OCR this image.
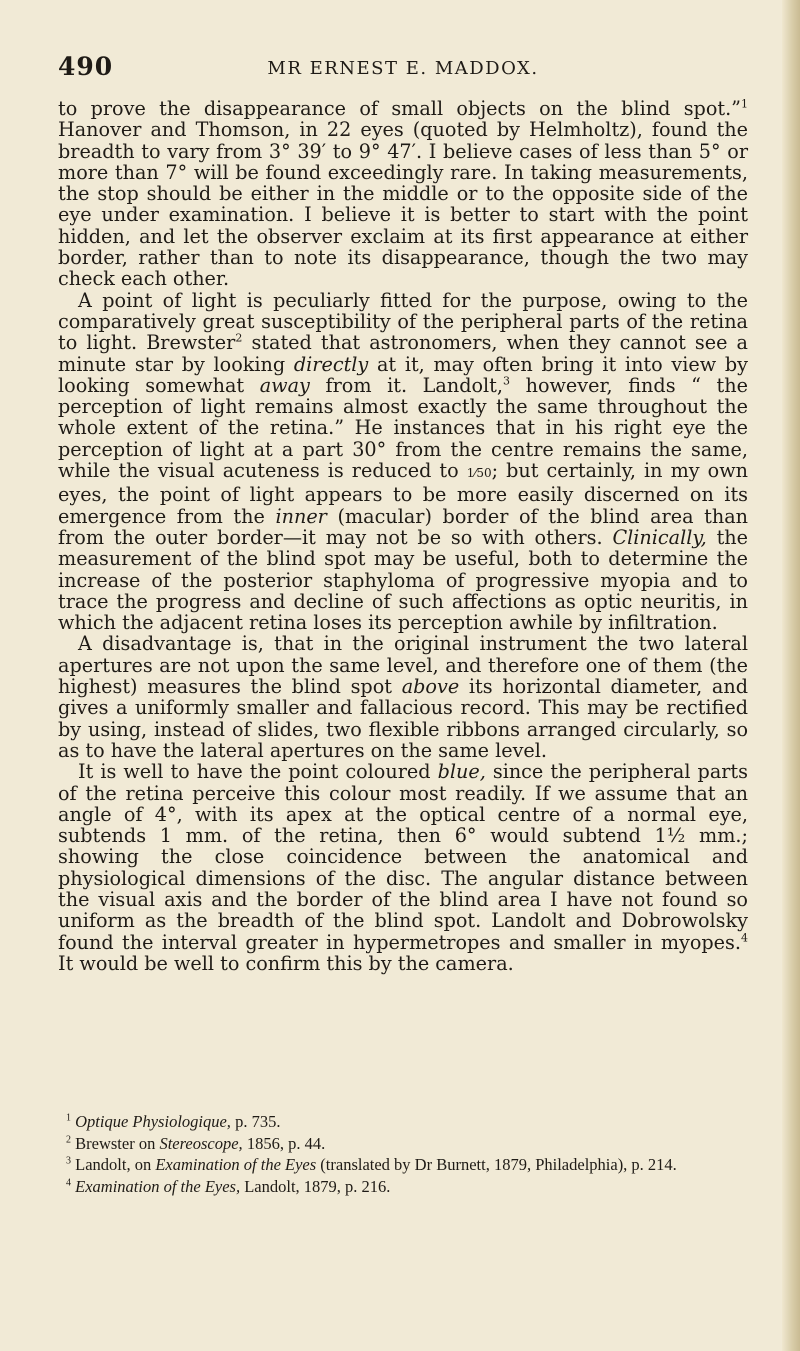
490	MR ERNEST E. MADDOX.

to prove the disappearance of small objects on the blind spot.”$^1$ Hanover and Thomson, in 22 eyes (quoted by Helmholtz), found the breadth to vary from 3° 39′ to 9° 47′. I believe cases of less than 5° or more than 7° will be found exceedingly rare. In taking measurements, the stop should be either in the middle or to the opposite side of the eye under examination. I believe it is better to start with the point hidden, and let the observer exclaim at its first appearance at either border, rather than to note its disappearance, though the two may check each other.

A point of light is peculiarly fitted for the purpose, owing to the comparatively great susceptibility of the peripheral parts of the retina to light. Brewster$^2$ stated that astronomers, when they cannot see a minute star by looking directly at it, may often bring it into view by looking somewhat away from it. Landolt,$^3$ however, finds “ the perception of light remains almost exactly the same throughout the whole extent of the retina.” He instances that in his right eye the perception of light at a part 30° from the centre remains the same, while the visual acuteness is reduced to 1⁄50; but certainly, in my own eyes, the point of light appears to be more easily discerned on its emergence from the inner (macular) border of the blind area than from the outer border—it may not be so with others. Clinically, the measurement of the blind spot may be useful, both to determine the increase of the posterior staphyloma of progressive myopia and to trace the progress and decline of such affections as optic neuritis, in which the adjacent retina loses its perception awhile by infiltration.

A disadvantage is, that in the original instrument the two lateral apertures are not upon the same level, and therefore one of them (the highest) measures the blind spot above its horizontal diameter, and gives a uniformly smaller and fallacious record. This may be rectified by using, instead of slides, two flexible ribbons arranged circularly, so as to have the lateral apertures on the same level.

It is well to have the point coloured blue, since the peripheral parts of the retina perceive this colour most readily. If we assume that an angle of 4°, with its apex at the optical centre of a normal eye, subtends 1 mm. of the retina, then 6° would subtend 1½ mm.; showing the close coincidence between the anatomical and physiological dimensions of the disc. The angular distance between the visual axis and the border of the blind area I have not found so uniform as the breadth of the blind spot. Landolt and Dobrowolsky found the interval greater in hypermetropes and smaller in myopes.$^4$ It would be well to confirm this by the camera.

$^1$ Optique Physiologique, p. 735.
$^2$ Brewster on Stereoscope, 1856, p. 44.
$^3$ Landolt, on Examination of the Eyes (translated by Dr Burnett, 1879, Philadelphia), p. 214.
$^4$ Examination of the Eyes, Landolt, 1879, p. 216.
